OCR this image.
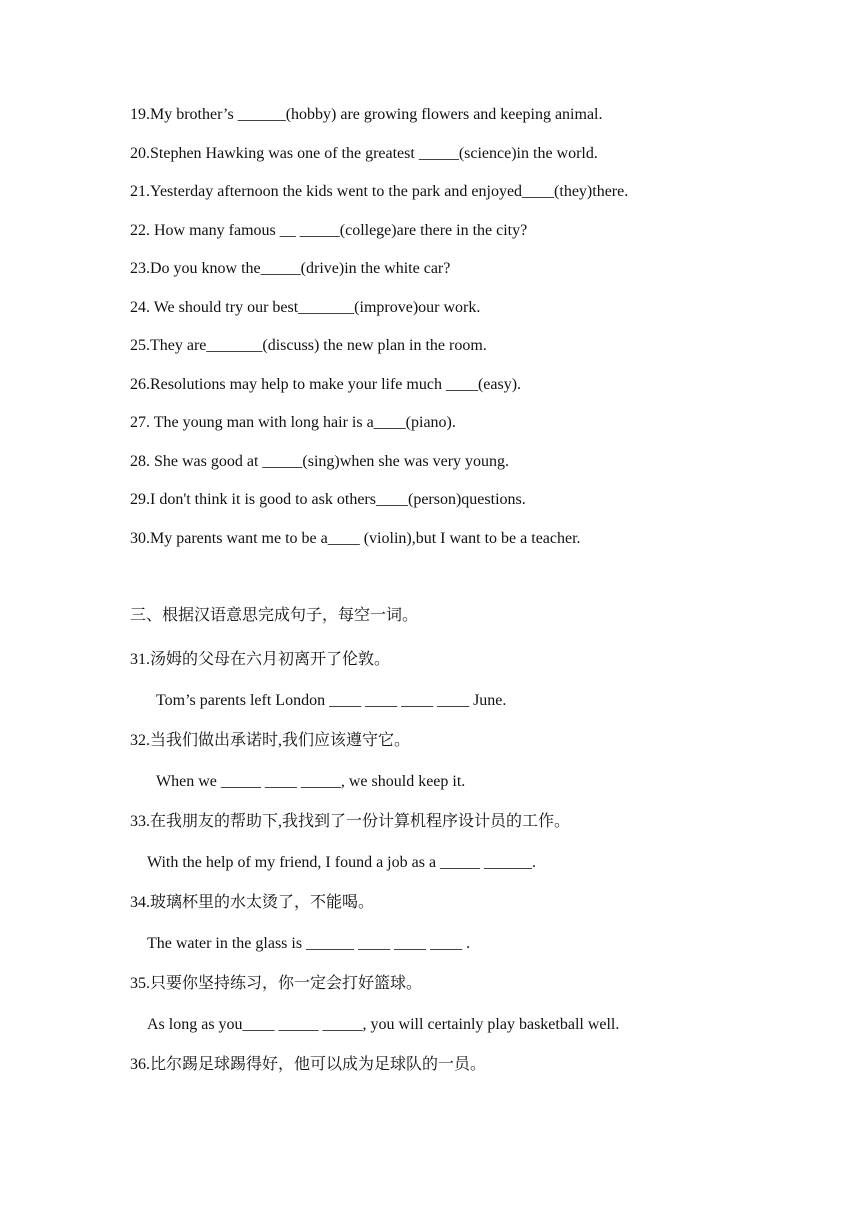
19.My brother’s ______(hobby) are growing flowers and keeping animal.
20.Stephen Hawking was one of the greatest _____(science)in the world.
21.Yesterday afternoon the kids went to the park and enjoyed____(they)there.
22. How many famous __ _____(college)are there in the city?
23.Do you know the_____(drive)in the white car?
24. We should try our best_______(improve)our work.
25.They are_______(discuss) the new plan in the room.
26.Resolutions may help to make your life much ____(easy).
27. The young man with long hair is a____(piano).
28. She was good at _____(sing)when she was very young.
29.I don't think it is good to ask others____(person)questions.
30.My parents want me to be a____ (violin),but I want to be a teacher.
三、根据汉语意思完成句子，每空一词。
31.汤姆的父母在六月初离开了伦敦。
Tom’s parents left London ____ ____ ____ ____ June.
32.当我们做出承诺时,我们应该遵守它。
When we _____ ____ _____, we should keep it.
33.在我朋友的帮助下,我找到了一份计算机程序设计员的工作。
With the help of my friend, I found a job as a _____ ______.
34.玻璃杯里的水太烫了，不能喝。
The water in the glass is ______ ____ ____ ____ .
35.只要你坚持练习，你一定会打好篮球。
As long as you____ _____ _____, you will certainly play basketball well.
36.比尔踢足球踢得好，他可以成为足球队的一员。
